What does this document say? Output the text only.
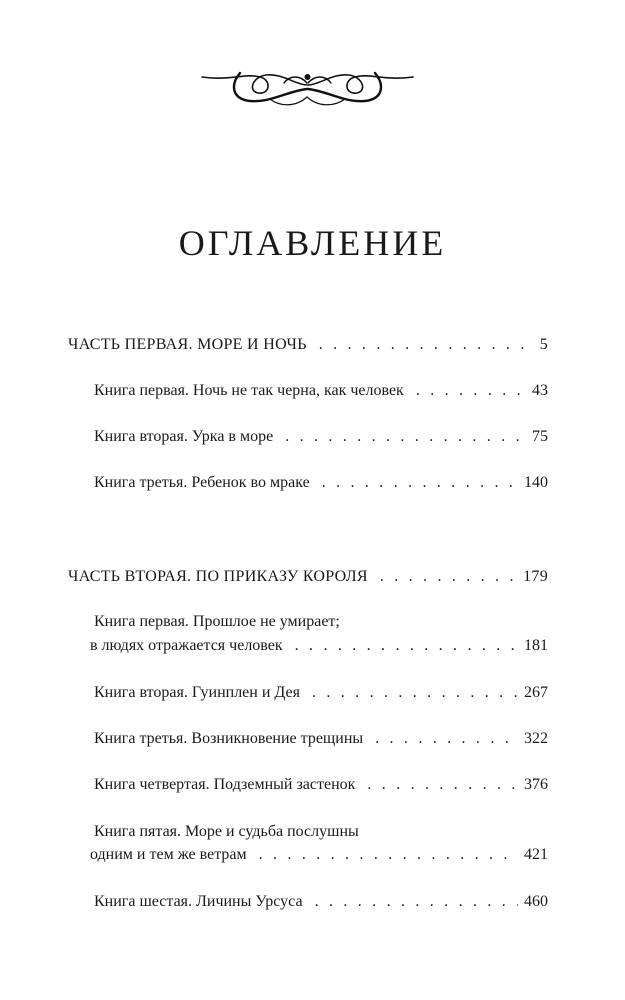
ОГЛАВЛЕНИЕ
ЧАСТЬ ПЕРВАЯ. МОРЕ И НОЧЬ . . .	5
Книга первая. Ночь не так черна, как человек . . .	43
Книга вторая. Урка в море . . .	75
Книга третья. Ребенок во мраке . . .	140
ЧАСТЬ ВТОРАЯ. ПО ПРИКАЗУ КОРОЛЯ . . .	179
Книга первая. Прошлое не умирает;
в людях отражается человек . . .	181
Книга вторая. Гуинплен и Дея . . .	267
Книга третья. Возникновение трещины . . .	322
Книга четвертая. Подземный застенок . . .	376
Книга пятая. Море и судьба послушны
одним и тем же ветрам . . .	421
Книга шестая. Личины Урсуса . . .	460
